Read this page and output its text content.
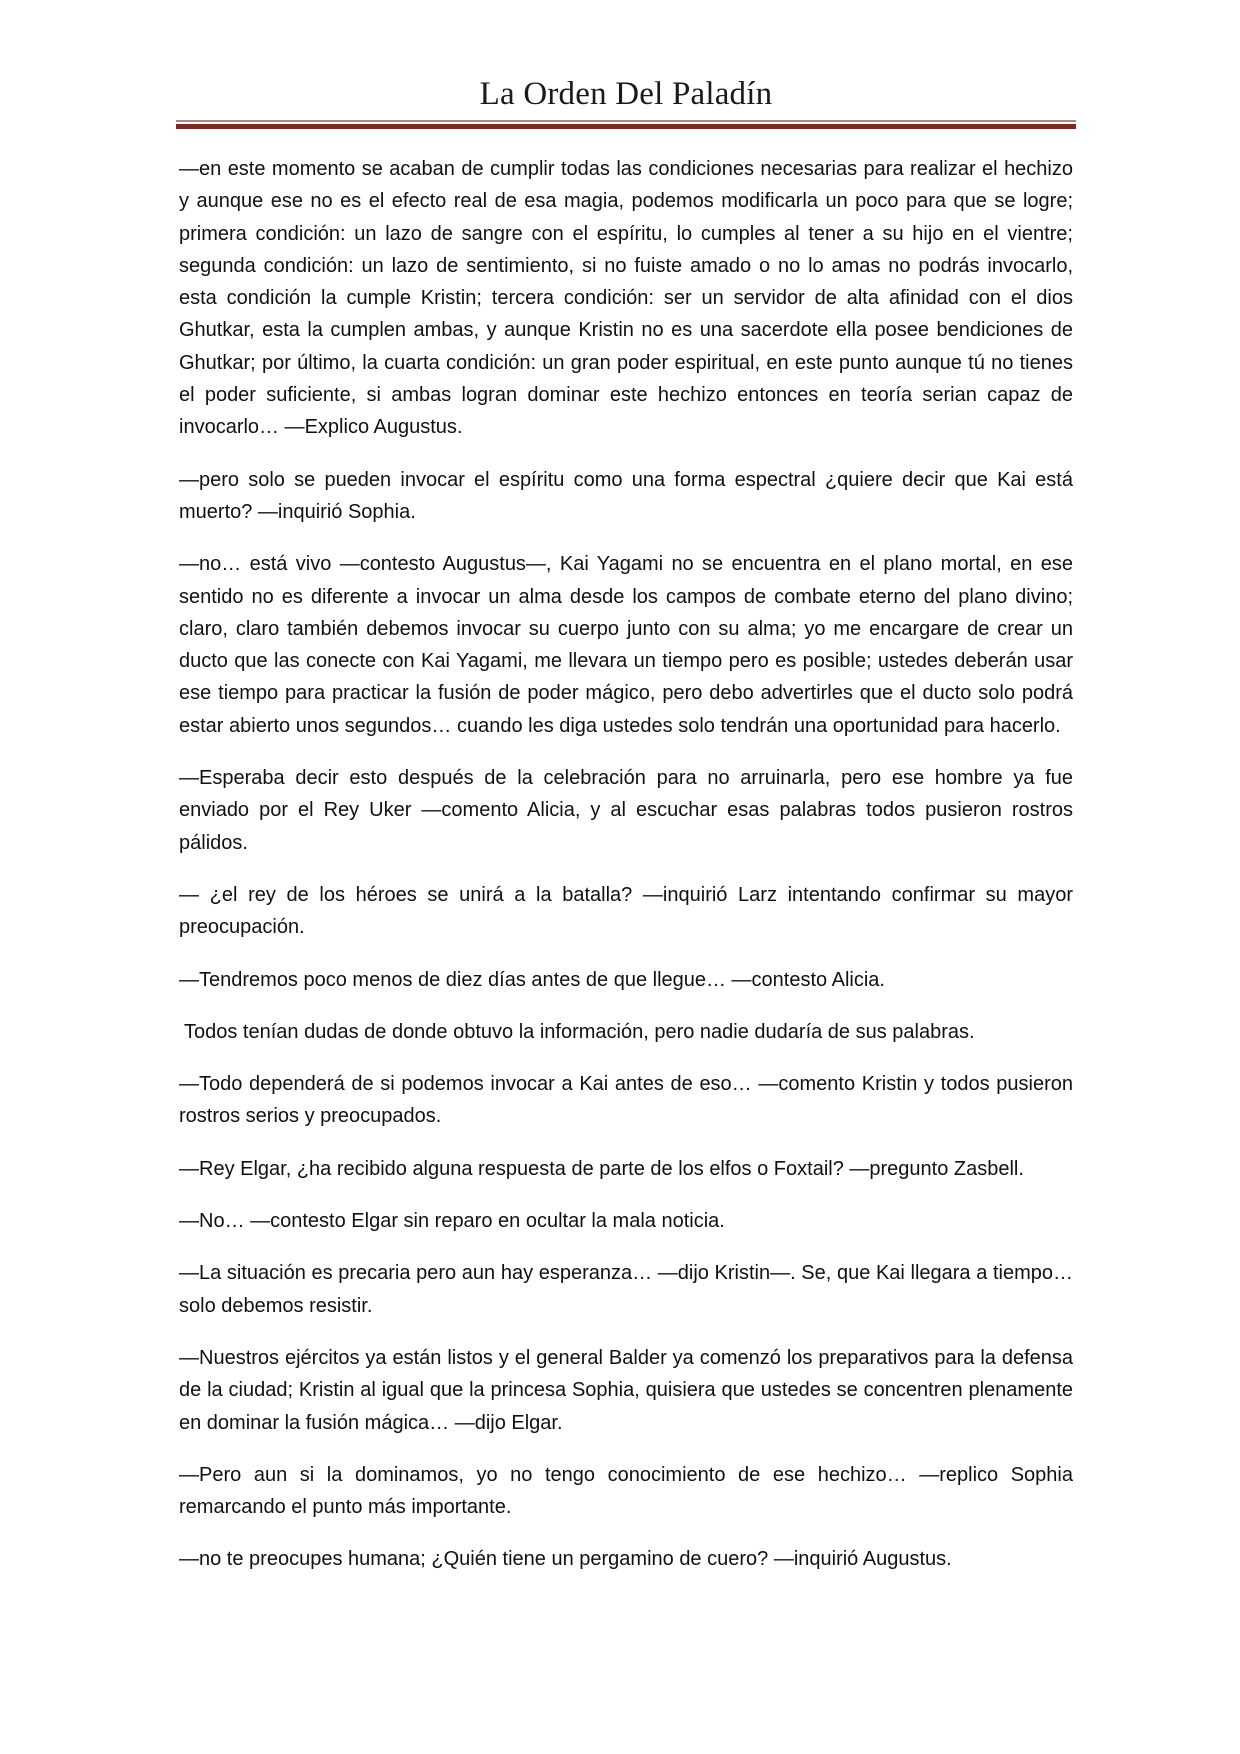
La Orden Del Paladín

—en este momento se acaban de cumplir todas las condiciones necesarias para realizar el hechizo y aunque ese no es el efecto real de esa magia, podemos modificarla un poco para que se logre; primera condición: un lazo de sangre con el espíritu, lo cumples al tener a su hijo en el vientre; segunda condición: un lazo de sentimiento, si no fuiste amado o no lo amas no podrás invocarlo, esta condición la cumple Kristin; tercera condición: ser un servidor de alta afinidad con el dios Ghutkar, esta la cumplen ambas, y aunque Kristin no es una sacerdote ella posee bendiciones de Ghutkar; por último, la cuarta condición: un gran poder espiritual, en este punto aunque tú no tienes el poder suficiente, si ambas logran dominar este hechizo entonces en teoría serian capaz de invocarlo… —Explico Augustus.

—pero solo se pueden invocar el espíritu como una forma espectral ¿quiere decir que Kai está muerto? —inquirió Sophia.

—no… está vivo —contesto Augustus—, Kai Yagami no se encuentra en el plano mortal, en ese sentido no es diferente a invocar un alma desde los campos de combate eterno del plano divino; claro, claro también debemos invocar su cuerpo junto con su alma; yo me encargare de crear un ducto que las conecte con Kai Yagami, me llevara un tiempo pero es posible; ustedes deberán usar ese tiempo para practicar la fusión de poder mágico, pero debo advertirles que el ducto solo podrá estar abierto unos segundos… cuando les diga ustedes solo tendrán una oportunidad para hacerlo.

—Esperaba decir esto después de la celebración para no arruinarla, pero ese hombre ya fue enviado por el Rey Uker —comento Alicia, y al escuchar esas palabras todos pusieron rostros pálidos.

— ¿el rey de los héroes se unirá a la batalla? —inquirió Larz intentando confirmar su mayor preocupación.

—Tendremos poco menos de diez días antes de que llegue… —contesto Alicia.

Todos tenían dudas de donde obtuvo la información, pero nadie dudaría de sus palabras.

—Todo dependerá de si podemos invocar a Kai antes de eso… —comento Kristin y todos pusieron rostros serios y preocupados.

—Rey Elgar, ¿ha recibido alguna respuesta de parte de los elfos o Foxtail? —pregunto Zasbell.

—No… —contesto Elgar sin reparo en ocultar la mala noticia.

—La situación es precaria pero aun hay esperanza… —dijo Kristin—. Se, que Kai llegara a tiempo… solo debemos resistir.

—Nuestros ejércitos ya están listos y el general Balder ya comenzó los preparativos para la defensa de la ciudad; Kristin al igual que la princesa Sophia, quisiera que ustedes se concentren plenamente en dominar la fusión mágica… —dijo Elgar.

—Pero aun si la dominamos, yo no tengo conocimiento de ese hechizo… —replico Sophia remarcando el punto más importante.

—no te preocupes humana; ¿Quién tiene un pergamino de cuero? —inquirió Augustus.
